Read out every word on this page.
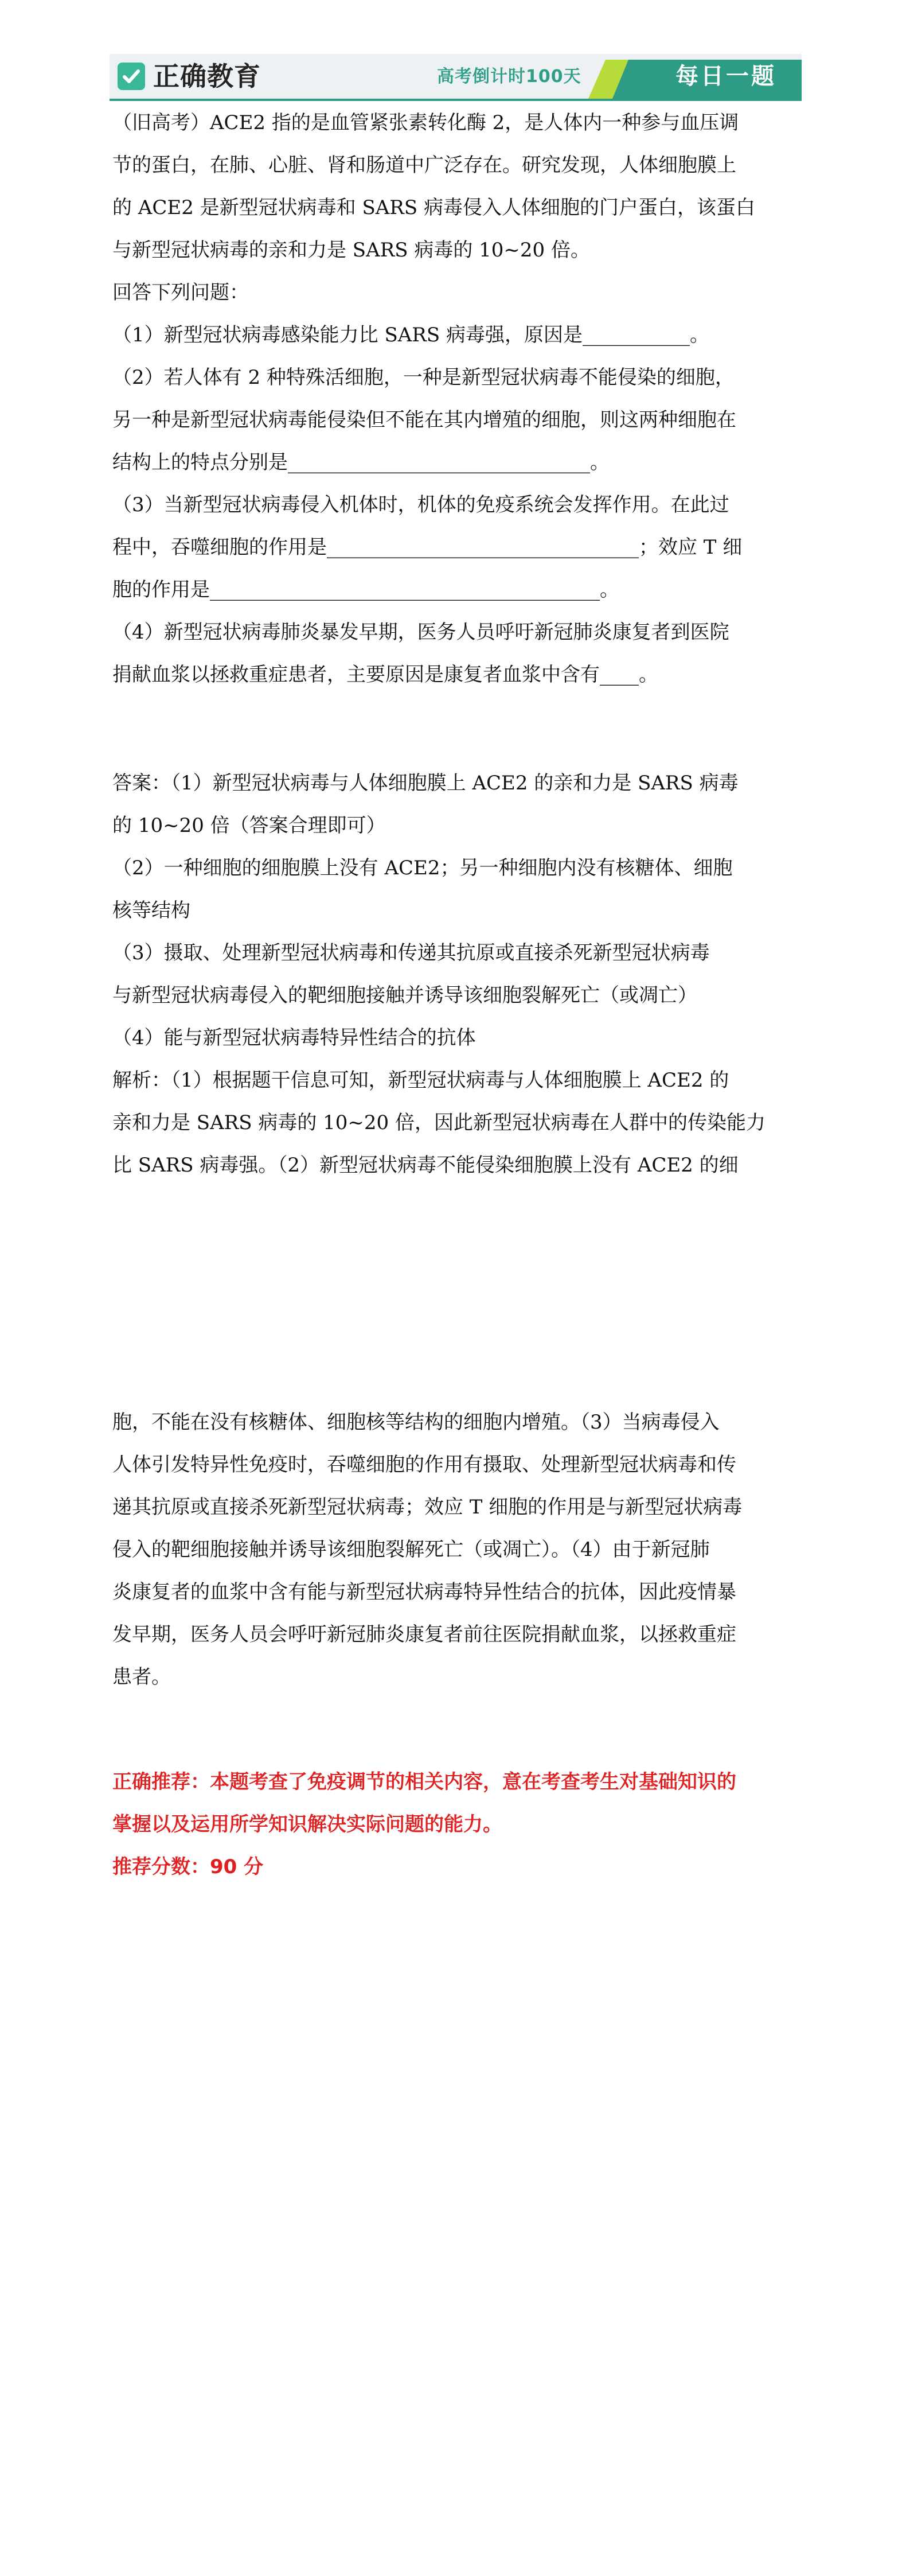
正确教育	高考倒计时100天	每日一题
（旧高考）ACE2 指的是血管紧张素转化酶 2，是人体内一种参与血压调
节的蛋白，在肺、心脏、肾和肠道中广泛存在。研究发现，人体细胞膜上
的 ACE2 是新型冠状病毒和 SARS 病毒侵入人体细胞的门户蛋白，该蛋白
与新型冠状病毒的亲和力是 SARS 病毒的 10~20 倍。
回答下列问题：
（1）新型冠状病毒感染能力比 SARS 病毒强，原因是___________。
（2）若人体有 2 种特殊活细胞，一种是新型冠状病毒不能侵染的细胞，
另一种是新型冠状病毒能侵染但不能在其内增殖的细胞，则这两种细胞在
结构上的特点分别是_______________________________。
（3）当新型冠状病毒侵入机体时，机体的免疫系统会发挥作用。在此过
程中，吞噬细胞的作用是________________________________；效应 T 细
胞的作用是________________________________________。
（4）新型冠状病毒肺炎暴发早期，医务人员呼吁新冠肺炎康复者到医院
捐献血浆以拯救重症患者，主要原因是康复者血浆中含有____。
答案：（1）新型冠状病毒与人体细胞膜上 ACE2 的亲和力是 SARS 病毒
的 10~20 倍（答案合理即可）
（2）一种细胞的细胞膜上没有 ACE2；另一种细胞内没有核糖体、细胞
核等结构
（3）摄取、处理新型冠状病毒和传递其抗原或直接杀死新型冠状病毒
与新型冠状病毒侵入的靶细胞接触并诱导该细胞裂解死亡（或凋亡）
（4）能与新型冠状病毒特异性结合的抗体
解析：（1）根据题干信息可知，新型冠状病毒与人体细胞膜上 ACE2 的
亲和力是 SARS 病毒的 10~20 倍，因此新型冠状病毒在人群中的传染能力
比 SARS 病毒强。（2）新型冠状病毒不能侵染细胞膜上没有 ACE2 的细
胞，不能在没有核糖体、细胞核等结构的细胞内增殖。（3）当病毒侵入
人体引发特异性免疫时，吞噬细胞的作用有摄取、处理新型冠状病毒和传
递其抗原或直接杀死新型冠状病毒；效应 T 细胞的作用是与新型冠状病毒
侵入的靶细胞接触并诱导该细胞裂解死亡（或凋亡）。（4）由于新冠肺
炎康复者的血浆中含有能与新型冠状病毒特异性结合的抗体，因此疫情暴
发早期，医务人员会呼吁新冠肺炎康复者前往医院捐献血浆，以拯救重症
患者。
正确推荐：本题考查了免疫调节的相关内容，意在考查考生对基础知识的
掌握以及运用所学知识解决实际问题的能力。
推荐分数：90 分
